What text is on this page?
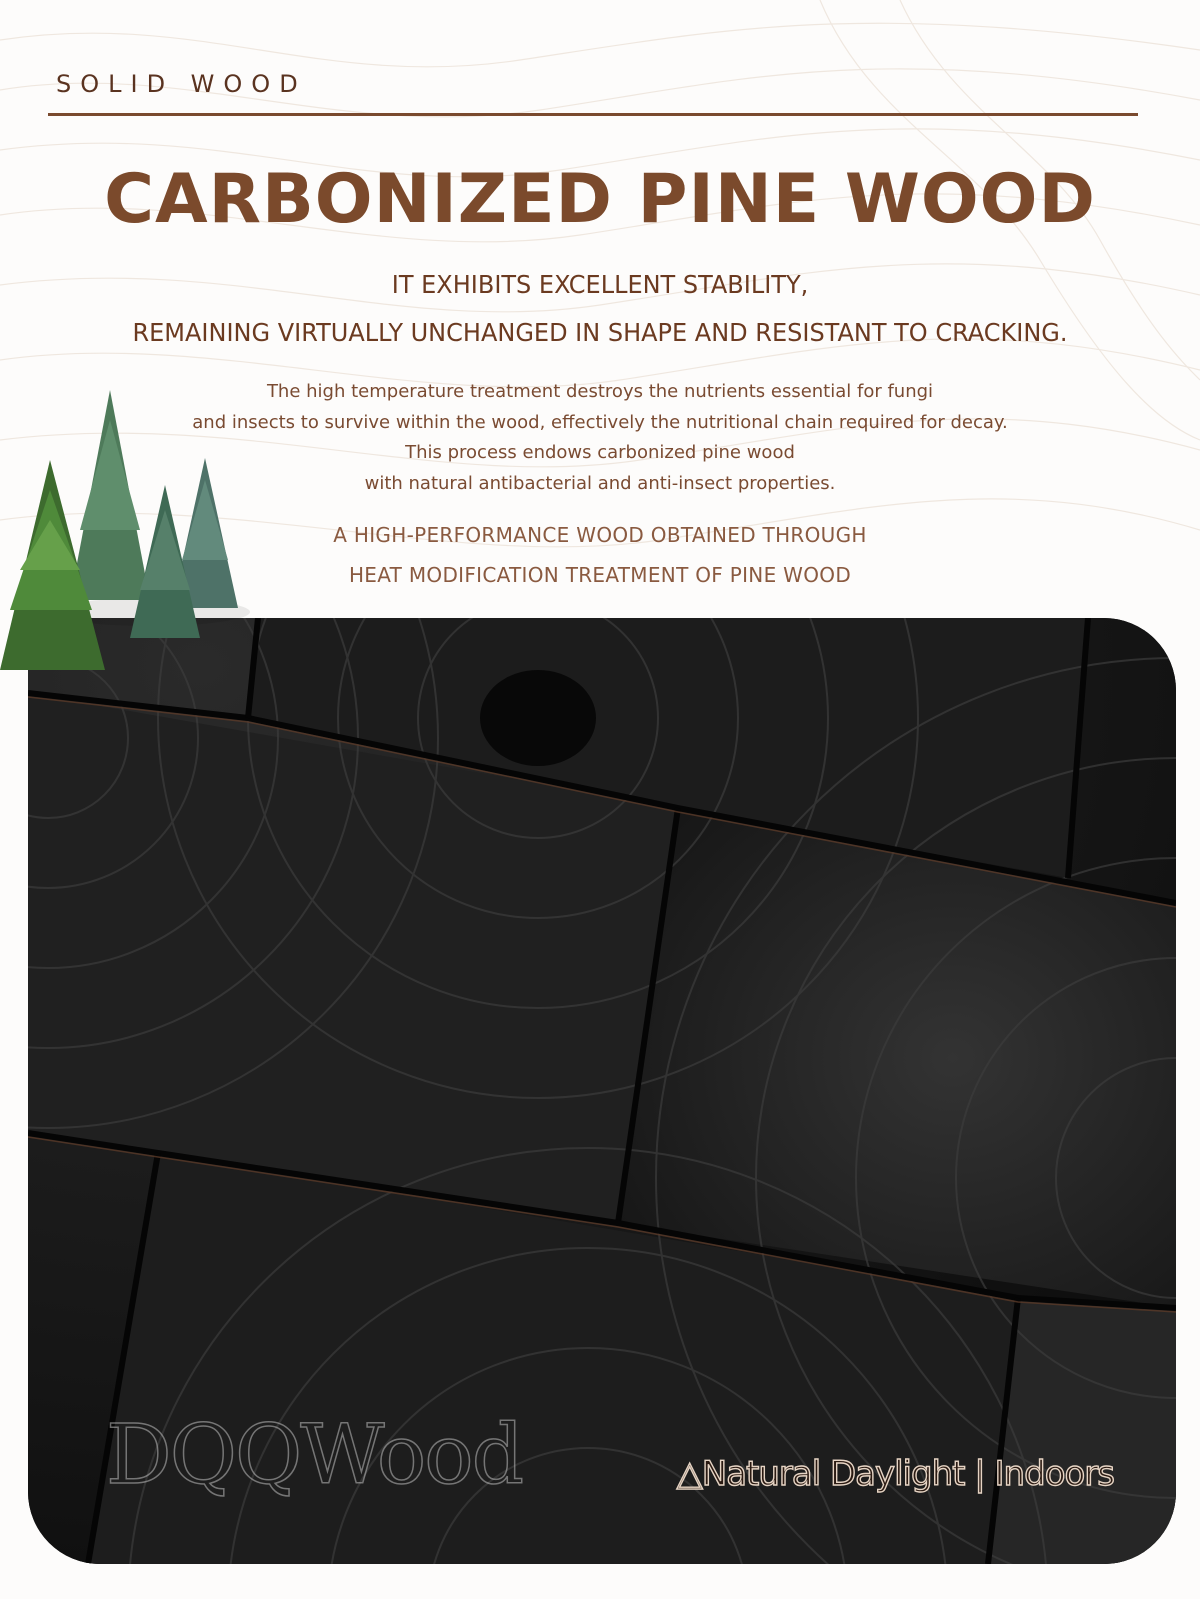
SOLID WOOD
CARBONIZED PINE WOOD
IT EXHIBITS EXCELLENT STABILITY,
REMAINING VIRTUALLY UNCHANGED IN SHAPE AND RESISTANT TO CRACKING.
The high temperature treatment destroys the nutrients essential for fungi
and insects to survive within the wood, effectively the nutritional chain required for decay.
This process endows carbonized pine wood
with natural antibacterial and anti-insect properties.
A HIGH-PERFORMANCE WOOD OBTAINED THROUGH
HEAT MODIFICATION TREATMENT OF PINE WOOD
DQQWood	△Natural Daylight | Indoors
